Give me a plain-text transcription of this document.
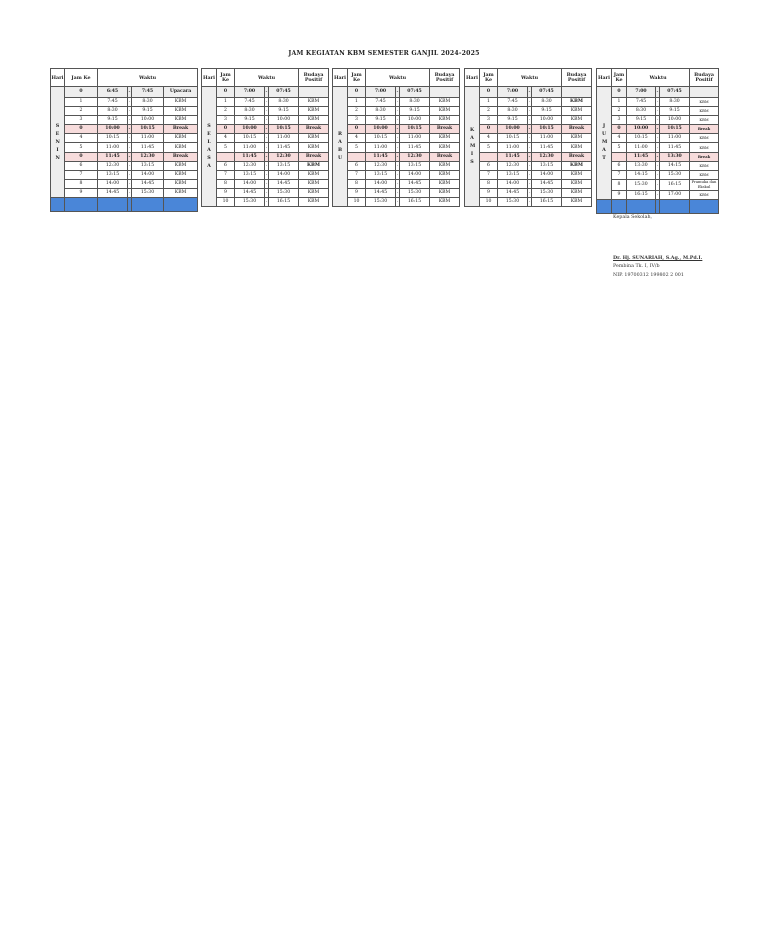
JAM KEGIATAN KBM SEMESTER GANJIL 2024-2025
Hari	Jam Ke	Waktu			
S E N I N	0	6:45	-	7:45	Upacara
	1	7:45	-	8:30	KBM
	2	8:30	-	9:15	KBM
	3	9:15	-	10:00	KBM
	0	10:00	-	10:15	Break
	4	10:15	-	11:00	KBM
	5	11:00	-	11:45	KBM
	0	11:45	-	12:30	Break
	6	12:30	-	13:15	KBM
	7	13:15	-	14:00	KBM
	8	14:00	-	14:45	KBM
	9	14:45	-	15:30	KBM

Hari	Jam Ke	Waktu			Budaya Positif
S E L A S A	0	7:00	-	07:45	
	1	7:45	-	8:30	KBM
	2	8:30	-	9:15	KBM
	3	9:15	-	10:00	KBM
	0	10:00	-	10:15	Break
	4	10:15	-	11:00	KBM
	5	11:00	-	11:45	KBM
		11:45	-	12:30	Break
	6	12:30	-	13:15	KBM
	7	13:15	-	14:00	KBM
	8	14:00	-	14:45	KBM
	9	14:45	-	15:30	KBM
	10	15:30	-	16:15	KBM
Hari	Jam Ke	Waktu			Budaya Positif
R A B U	0	7:00	-	07:45	
	1	7:45	-	8:30	KBM
	2	8:30	-	9:15	KBM
	3	9:15	-	10:00	KBM
	0	10:00	-	10:15	Break
	4	10:15	-	11:00	KBM
	5	11:00	-	11:45	KBM
		11:45	-	12:30	Break
	6	12:30	-	13:15	KBM
	7	13:15	-	14:00	KBM
	8	14:00	-	14:45	KBM
	9	14:45	-	15:30	KBM
	10	15:30	-	16:15	KBM
Hari	Jam Ke	Waktu			Budaya Positif
K A M I S	0	7:00	-	07:45	
	1	7:45	-	8:30	KBM
	2	8:30	-	9:15	KBM
	3	9:15	-	10:00	KBM
	0	10:00	-	10:15	Break
	4	10:15	-	11:00	KBM
	5	11:00	-	11:45	KBM
		11:45	-	12:30	Break
	6	12:30	-	13:15	KBM
	7	13:15	-	14:00	KBM
	8	14:00	-	14:45	KBM
	9	14:45	-	15:30	KBM
	10	15:30	-	16:15	KBM
Hari	Jam Ke	Waktu			Budaya Positif
J U M A T	0	7:00	-	07:45	
	1	7:45	-	8:30	KBM
	2	8:30	-	9:15	KBM
	3	9:15	-	10:00	KBM
	0	10:00	-	10:15	Break
	4	10:15	-	11:00	KBM
	5	11:00	-	11:45	KBM
		11:45	-	13:30	Break
	6	13:30	-	14:15	KBM
	7	14:15	-	15:30	KBM
	8	15:30	-	16:15	Pramuka dan Ekskul
	9	16:15	-	17:00	KBM

Kepala Sekolah,
Dr. Hj. SUNARIAH, S.Ag., M.Pd.I.
Pembina Tk. I, IV/b
NIP. 19700312 199802 2 001
